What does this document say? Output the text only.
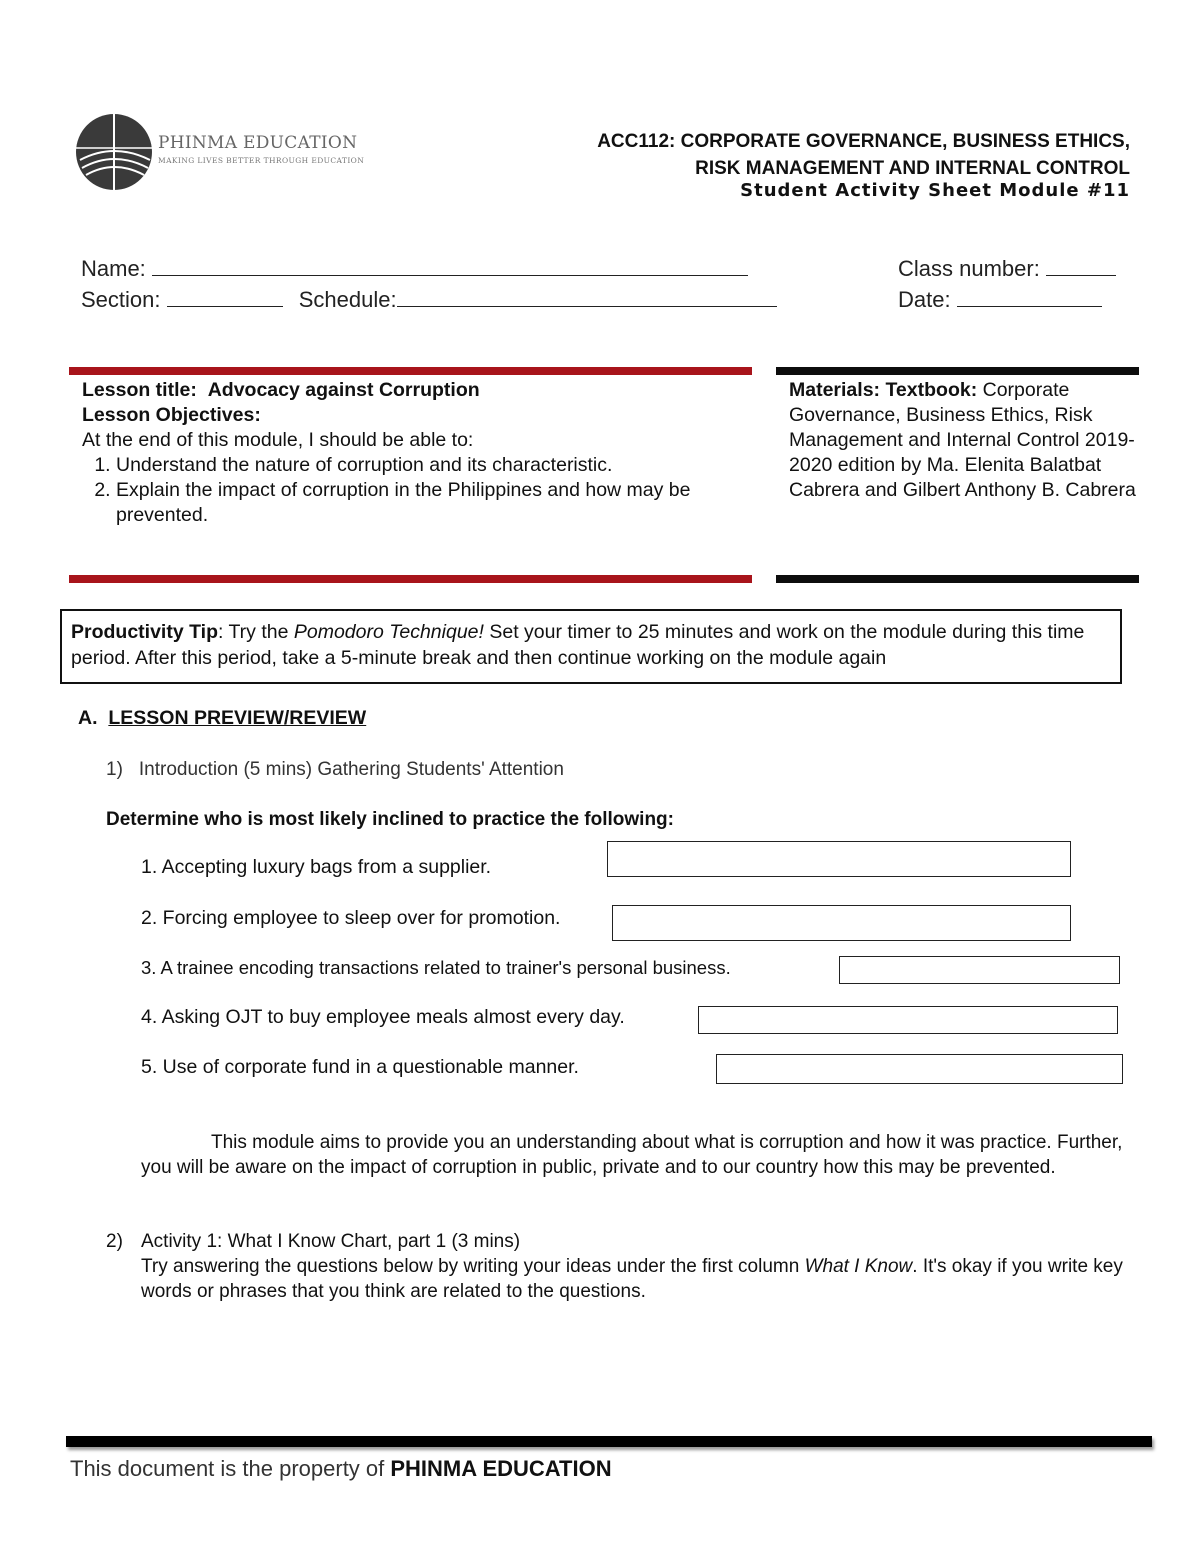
PHINMA EDUCATION
MAKING LIVES BETTER THROUGH EDUCATION
ACC112: CORPORATE GOVERNANCE, BUSINESS ETHICS,
RISK MANAGEMENT AND INTERNAL CONTROL
Student Activity Sheet Module #11
Name:	Class number:
Section:	Schedule:	Date:
Lesson title: Advocacy against Corruption
Lesson Objectives:
At the end of this module, I should be able to:
1. Understand the nature of corruption and its characteristic.
2. Explain the impact of corruption in the Philippines and how may be prevented.
Materials: Textbook: Corporate Governance, Business Ethics, Risk Management and Internal Control 2019-2020 edition by Ma. Elenita Balatbat Cabrera and Gilbert Anthony B. Cabrera
Productivity Tip: Try the Pomodoro Technique! Set your timer to 25 minutes and work on the module during this time period. After this period, take a 5-minute break and then continue working on the module again
A. LESSON PREVIEW/REVIEW
1) Introduction (5 mins) Gathering Students' Attention
Determine who is most likely inclined to practice the following:
1. Accepting luxury bags from a supplier.
2. Forcing employee to sleep over for promotion.
3. A trainee encoding transactions related to trainer's personal business.
4. Asking OJT to buy employee meals almost every day.
5. Use of corporate fund in a questionable manner.
This module aims to provide you an understanding about what is corruption and how it was practice. Further, you will be aware on the impact of corruption in public, private and to our country how this may be prevented.
2) Activity 1: What I Know Chart, part 1 (3 mins)
Try answering the questions below by writing your ideas under the first column What I Know. It's okay if you write key words or phrases that you think are related to the questions.
This document is the property of PHINMA EDUCATION
